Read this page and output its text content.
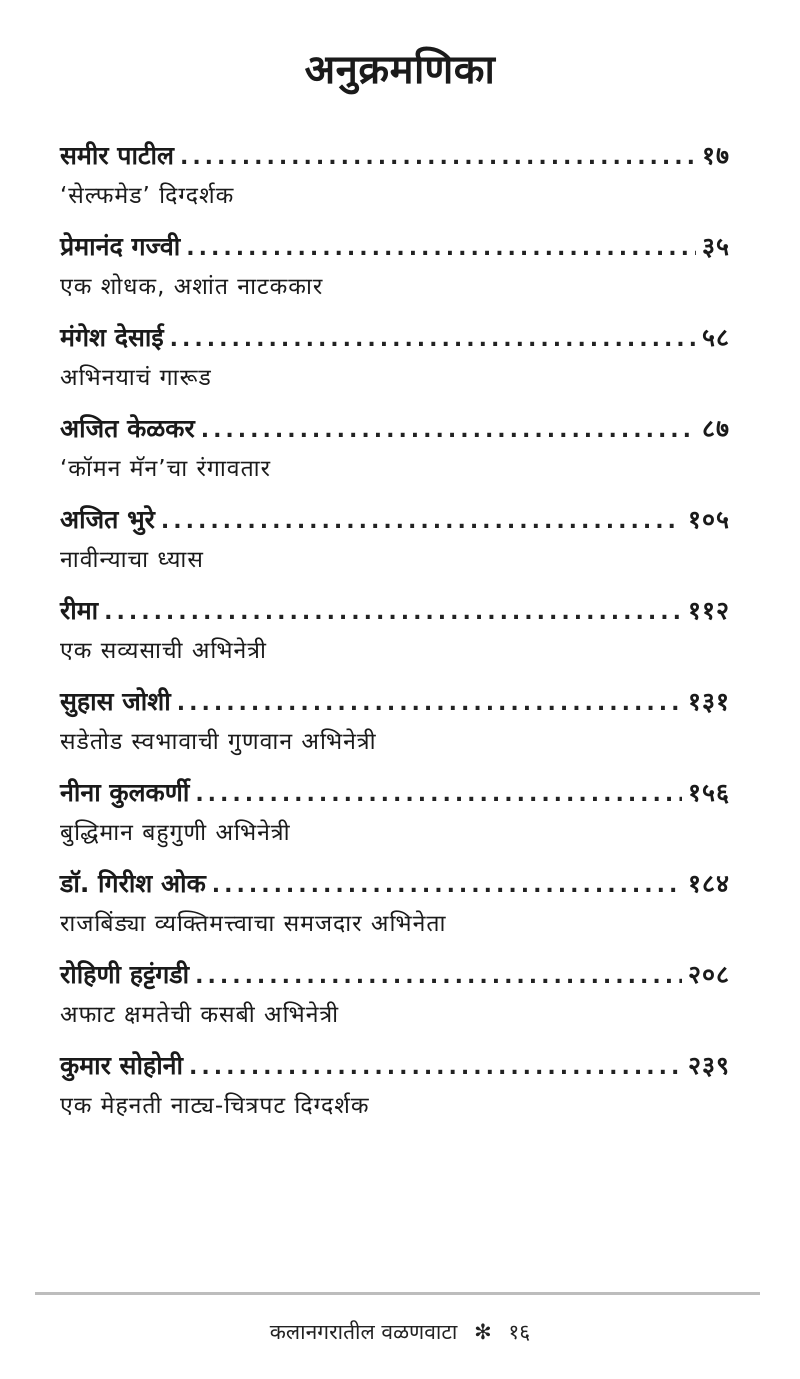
अनुक्रमणिका
समीर पाटील .....	१७
‘सेल्फमेड’ दिग्दर्शक
प्रेमानंद गज्वी .....	३५
एक शोधक, अशांत नाटककार
मंगेश देसाई .....	५८
अभिनयाचं गारूड
अजित केळकर .....	८७
‘कॉमन मॅन’चा रंगावतार
अजित भुरे .....	१०५
नावीन्याचा ध्यास
रीमा .....	११२
एक सव्यसाची अभिनेत्री
सुहास जोशी .....	१३१
सडेतोड स्वभावाची गुणवान अभिनेत्री
नीना कुलकर्णी .....	१५६
बुद्धिमान बहुगुणी अभिनेत्री
डॉ. गिरीश ओक .....	१८४
राजबिंड्या व्यक्तिमत्त्वाचा समजदार अभिनेता
रोहिणी हट्टंगडी .....	२०८
अफाट क्षमतेची कसबी अभिनेत्री
कुमार सोहोनी .....	२३९
एक मेहनती नाट्य-चित्रपट दिग्दर्शक
कलानगरातील वळणवाटा ✻ १६
